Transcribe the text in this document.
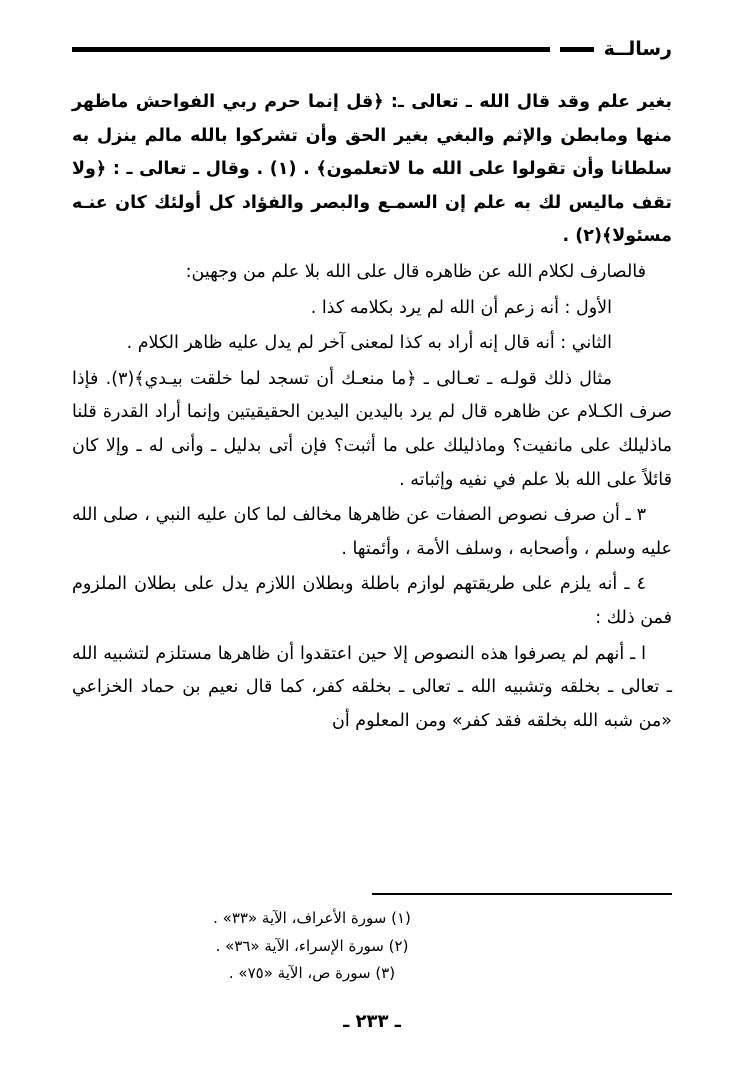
رسالــة

بغير علم وقد قال الله ـ تعالى ـ: ﴿قل إنما حرم ربي الفواحش ماظهر منها ومابطن والإثم والبغي بغير الحق وأن تشركوا بالله مالم ينزل به سلطانا وأن تقولوا على الله ما لاتعلمون﴾ . (١) . وقال ـ تعالى ـ : ﴿ولا تقف ماليس لك به علم إن السمـع والبصر والفؤاد كل أولئك كان عنـه مسئولا﴾(٢) .

فالصارف لكلام الله عن ظاهره قال على الله بلا علم من وجهين:

الأول : أنه زعم أن الله لم يرد بكلامه كذا .

الثاني : أنه قال إنه أراد به كذا لمعنى آخر لم يدل عليه ظاهر الكلام .

مثال ذلك قولـه ـ تعـالى ـ ﴿ما منعـك أن تسجد لما خلقت بيـدي﴾(٣). فإذا صرف الكـلام عن ظاهره قال لم يرد باليدين اليدين الحقيقيتين وإنما أراد القدرة قلنا ماذليلك على مانفيت؟ وماذليلك على ما أثبت؟ فإن أتى بدليل ـ وأنى له ـ وإلا كان قائلاً على الله بلا علم في نفيه وإثباته .

٣ ـ أن صرف نصوص الصفات عن ظاهرها مخالف لما كان عليه النبي ، صلى الله عليه وسلم ، وأصحابه ، وسلف الأمة ، وأئمتها .

٤ ـ أنه يلزم على طريقتهم لوازم باطلة وبطلان اللازم يدل على بطلان الملزوم فمن ذلك :

ا ـ أنهم لم يصرفوا هذه النصوص إلا حين اعتقدوا أن ظاهرها مستلزم لتشبيه الله ـ تعالى ـ بخلقه وتشبيه الله ـ تعالى ـ بخلقه كفر، كما قال نعيم بن حماد الخزاعي «من شبه الله بخلقه فقد كفر» ومن المعلوم أن

(١) سورة الأعراف، الآية «٣٣» .
(٢) سورة الإسراء، الآية «٣٦» .
(٣) سورة ص، الآية «٧٥» .
ـ ٢٣٣ ـ
